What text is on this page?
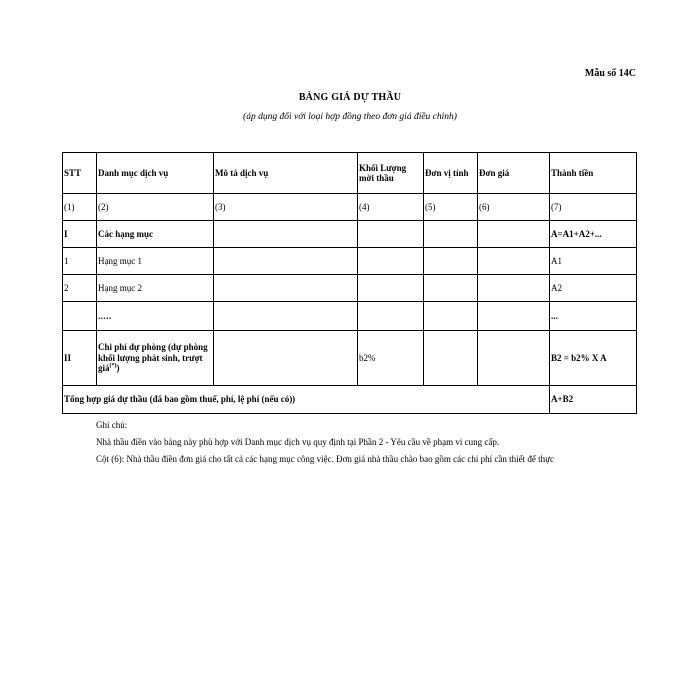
Mẫu số 14C
BẢNG GIÁ DỰ THẦU
(áp dụng đối với loại hợp đồng theo đơn giá điều chỉnh)
STT	Danh mục dịch vụ	Mô tả dịch vụ	Khối Lượng mời thầu	Đơn vị tính	Đơn giá	Thành tiền
(1)	(2)	(3)	(4)	(5)	(6)	(7)
I	Các hạng mục					A=A1+A2+...
1	Hạng mục 1					A1
2	Hạng mục 2					A2
	.....					...
II	Chi phí dự phòng (dự phòng khối lượng phát sinh, trượt giá(*))		b2%			B2 = b2% X A
Tổng hợp giá dự thầu (đã bao gồm thuế, phí, lệ phí (nếu có))						A+B2
Ghi chú:
Nhà thầu điền vào bảng này phù hợp với Danh mục dịch vụ quy định tại Phần 2 - Yêu cầu về phạm vi cung cấp.
Cột (6): Nhà thầu điền đơn giá cho tất cả các hạng mục công việc. Đơn giá nhà thầu chào bao gồm các chi phí cần thiết để thực
